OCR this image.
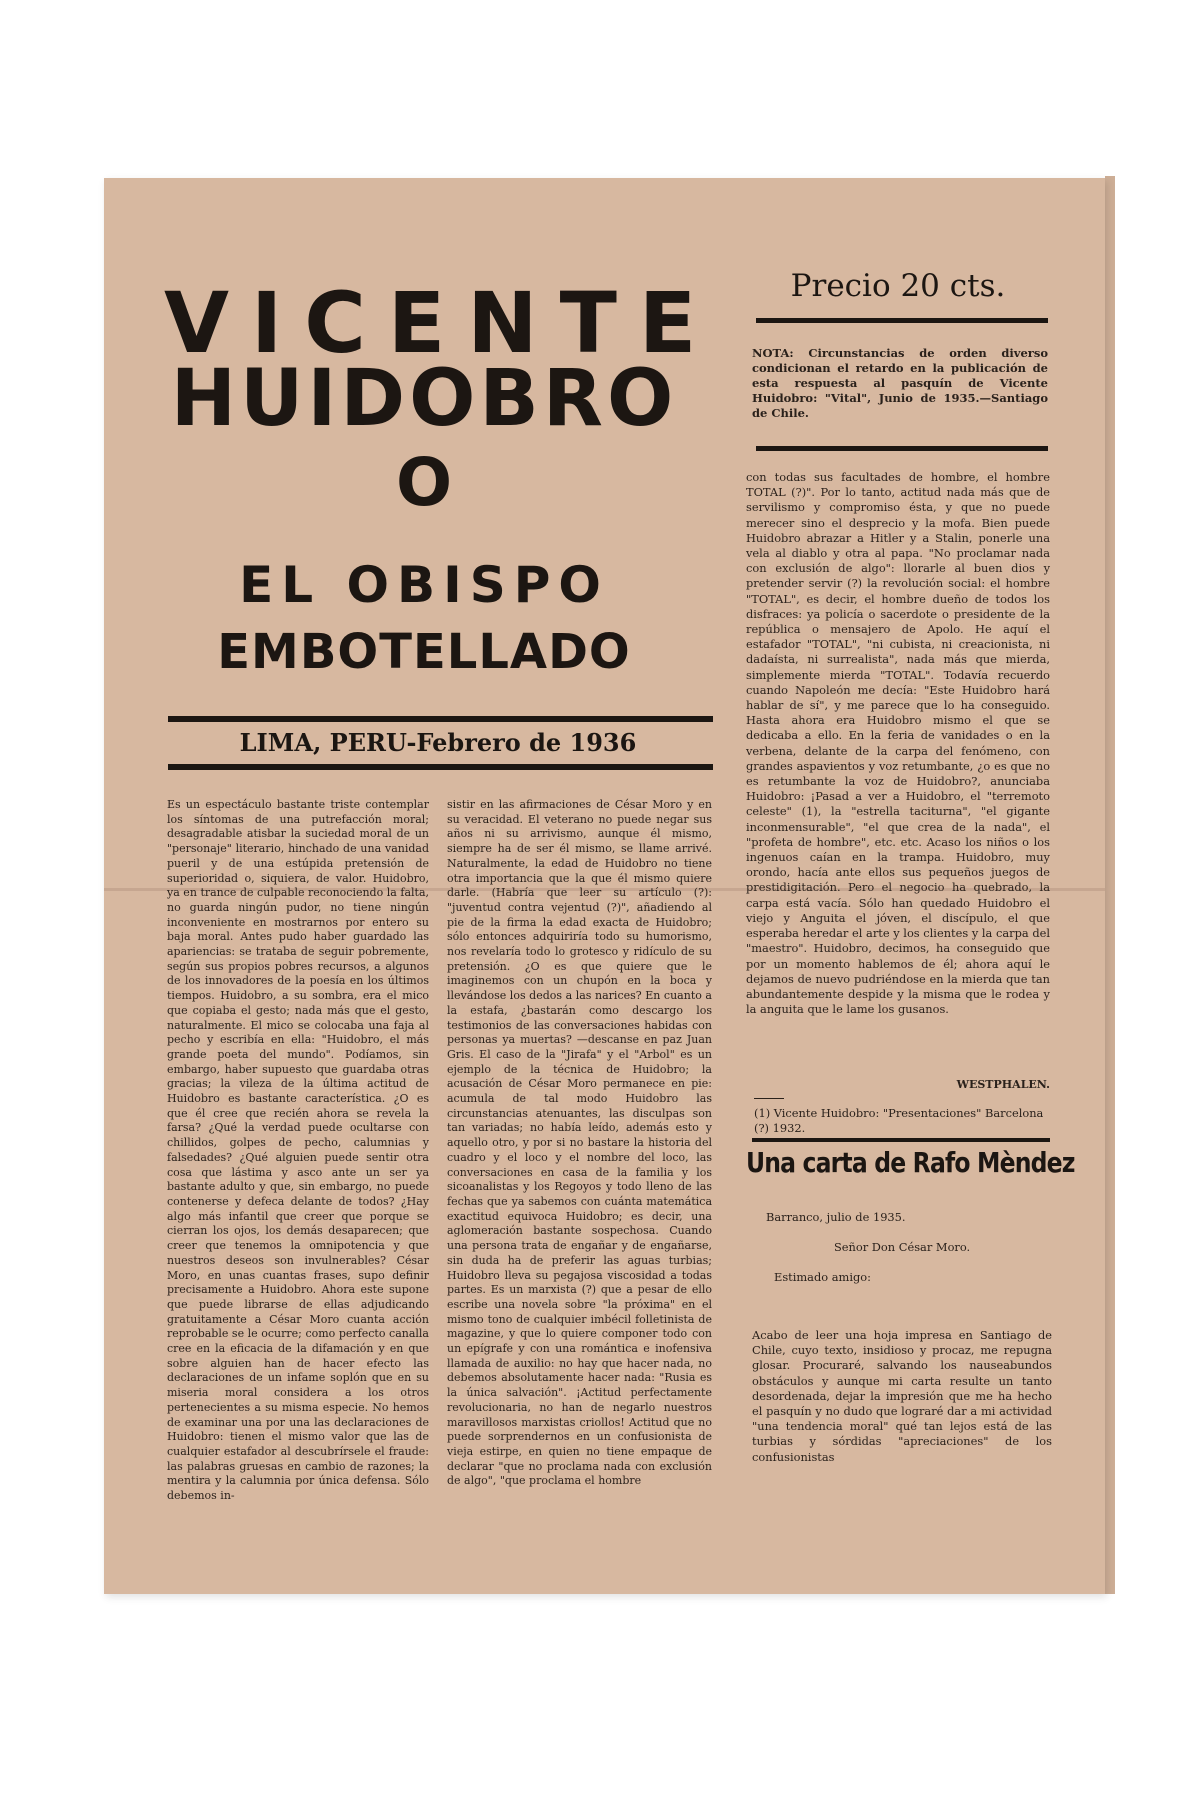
VICENTE
HUIDOBRO
O
EL OBISPO
EMBOTELLADO
LIMA, PERU-Febrero de 1936
Precio 20 cts.

NOTA: Circunstancias de orden diverso condicionan el retardo en la publicación de esta respuesta al pasquín de Vicente Huidobro: "Vital", Junio de 1935.—Santiago de Chile.

Es un espectáculo bastante triste contemplar los síntomas de una putrefacción moral; desagradable atisbar la suciedad moral de un "personaje" literario, hinchado de una vanidad pueril y de una estúpida pretensión de superioridad o, siquiera, de valor. Huidobro, ya en trance de culpable reconociendo la falta, no guarda ningún pudor, no tiene ningún inconveniente en mostrarnos por entero su baja moral. Antes pudo haber guardado las apariencias: se trataba de seguir pobremente, según sus propios pobres recursos, a algunos de los innovadores de la poesía en los últimos tiempos. Huidobro, a su sombra, era el mico que copiaba el gesto; nada más que el gesto, naturalmente. El mico se colocaba una faja al pecho y escribía en ella: "Huidobro, el más grande poeta del mundo". Podíamos, sin embargo, haber supuesto que guardaba otras gracias; la vileza de la última actitud de Huidobro es bastante característica. ¿O es que él cree que recién ahora se revela la farsa? ¿Qué la verdad puede ocultarse con chillidos, golpes de pecho, calumnias y falsedades? ¿Qué alguien puede sentir otra cosa que lástima y asco ante un ser ya bastante adulto y que, sin embargo, no puede contenerse y defeca delante de todos? ¿Hay algo más infantil que creer que porque se cierran los ojos, los demás desaparecen; que creer que tenemos la omnipotencia y que nuestros deseos son invulnerables? César Moro, en unas cuantas frases, supo definir precisamente a Huidobro. Ahora este supone que puede librarse de ellas adjudicando gratuitamente a César Moro cuanta acción reprobable se le ocurre; como perfecto canalla cree en la eficacia de la difamación y en que sobre alguien han de hacer efecto las declaraciones de un infame soplón que en su miseria moral considera a los otros pertenecientes a su misma especie. No hemos de examinar una por una las declaraciones de Huidobro: tienen el mismo valor que las de cualquier estafador al descubrírsele el fraude: las palabras gruesas en cambio de razones; la mentira y la calumnia por única defensa. Sólo debemos in-

sistir en las afirmaciones de César Moro y en su veracidad. El veterano no puede negar sus años ni su arrivismo, aunque él mismo, siempre ha de ser él mismo, se llame arrivé. Naturalmente, la edad de Huidobro no tiene otra importancia que la que él mismo quiere darle. (Habría que leer su artículo (?): "juventud contra vejentud (?)", añadiendo al pie de la firma la edad exacta de Huidobro; sólo entonces adquiriría todo su humorismo, nos revelaría todo lo grotesco y ridículo de su pretensión. ¿O es que quiere que le imaginemos con un chupón en la boca y llevándose los dedos a las narices? En cuanto a la estafa, ¿bastarán como descargo los testimonios de las conversaciones habidas con personas ya muertas? —descanse en paz Juan Gris. El caso de la "Jirafa" y el "Arbol" es un ejemplo de la técnica de Huidobro; la acusación de César Moro permanece en pie: acumula de tal modo Huidobro las circunstancias atenuantes, las disculpas son tan variadas; no había leído, además esto y aquello otro, y por si no bastare la historia del cuadro y el loco y el nombre del loco, las conversaciones en casa de la familia y los sicoanalistas y los Regoyos y todo lleno de las fechas que ya sabemos con cuánta matemática exactitud equivoca Huidobro; es decir, una aglomeración bastante sospechosa. Cuando una persona trata de engañar y de engañarse, sin duda ha de preferir las aguas turbias; Huidobro lleva su pegajosa viscosidad a todas partes. Es un marxista (?) que a pesar de ello escribe una novela sobre "la próxima" en el mismo tono de cualquier imbécil folletinista de magazine, y que lo quiere componer todo con un epígrafe y con una romántica e inofensiva llamada de auxilio: no hay que hacer nada, no debemos absolutamente hacer nada: "Rusia es la única salvación". ¡Actitud perfectamente revolucionaria, no han de negarlo nuestros maravillosos marxistas criollos! Actitud que no puede sorprendernos en un confusionista de vieja estirpe, en quien no tiene empaque de declarar "que no proclama nada con exclusión de algo", "que proclama el hombre

con todas sus facultades de hombre, el hombre TOTAL (?)". Por lo tanto, actitud nada más que de servilismo y compromiso ésta, y que no puede merecer sino el desprecio y la mofa. Bien puede Huidobro abrazar a Hitler y a Stalin, ponerle una vela al diablo y otra al papa. "No proclamar nada con exclusión de algo": llorarle al buen dios y pretender servir (?) la revolución social: el hombre "TOTAL", es decir, el hombre dueño de todos los disfraces: ya policía o sacerdote o presidente de la república o mensajero de Apolo. He aquí el estafador "TOTAL", "ni cubista, ni creacionista, ni dadaísta, ni surrealista", nada más que mierda, simplemente mierda "TOTAL". Todavía recuerdo cuando Napoleón me decía: "Este Huidobro hará hablar de sí", y me parece que lo ha conseguido. Hasta ahora era Huidobro mismo el que se dedicaba a ello. En la feria de vanidades o en la verbena, delante de la carpa del fenómeno, con grandes aspavientos y voz retumbante, ¿o es que no es retumbante la voz de Huidobro?, anunciaba Huidobro: ¡Pasad a ver a Huidobro, el "terremoto celeste" (1), la "estrella taciturna", "el gigante inconmensurable", "el que crea de la nada", el "profeta de hombre", etc. etc. Acaso los niños o los ingenuos caían en la trampa. Huidobro, muy orondo, hacía ante ellos sus pequeños juegos de prestidigitación. Pero el negocio ha quebrado, la carpa está vacía. Sólo han quedado Huidobro el viejo y Anguita el jóven, el discípulo, el que esperaba heredar el arte y los clientes y la carpa del "maestro". Huidobro, decimos, ha conseguido que por un momento hablemos de él; ahora aquí le dejamos de nuevo pudriéndose en la mierda que tan abundantemente despide y la misma que le rodea y la anguita que le lame los gusanos.

WESTPHALEN.

(1) Vicente Huidobro: "Presentaciones" Barcelona (?) 1932.

Una carta de Rafo Mèndez

Barranco, julio de 1935.

Señor Don César Moro.

Estimado amigo:

Acabo de leer una hoja impresa en Santiago de Chile, cuyo texto, insidioso y procaz, me repugna glosar. Procuraré, salvando los nauseabundos obstáculos y aunque mi carta resulte un tanto desordenada, dejar la impresión que me ha hecho el pasquín y no dudo que lograré dar a mi actividad "una tendencia moral" qué tan lejos está de las turbias y sórdidas "apreciaciones" de los confusionistas
